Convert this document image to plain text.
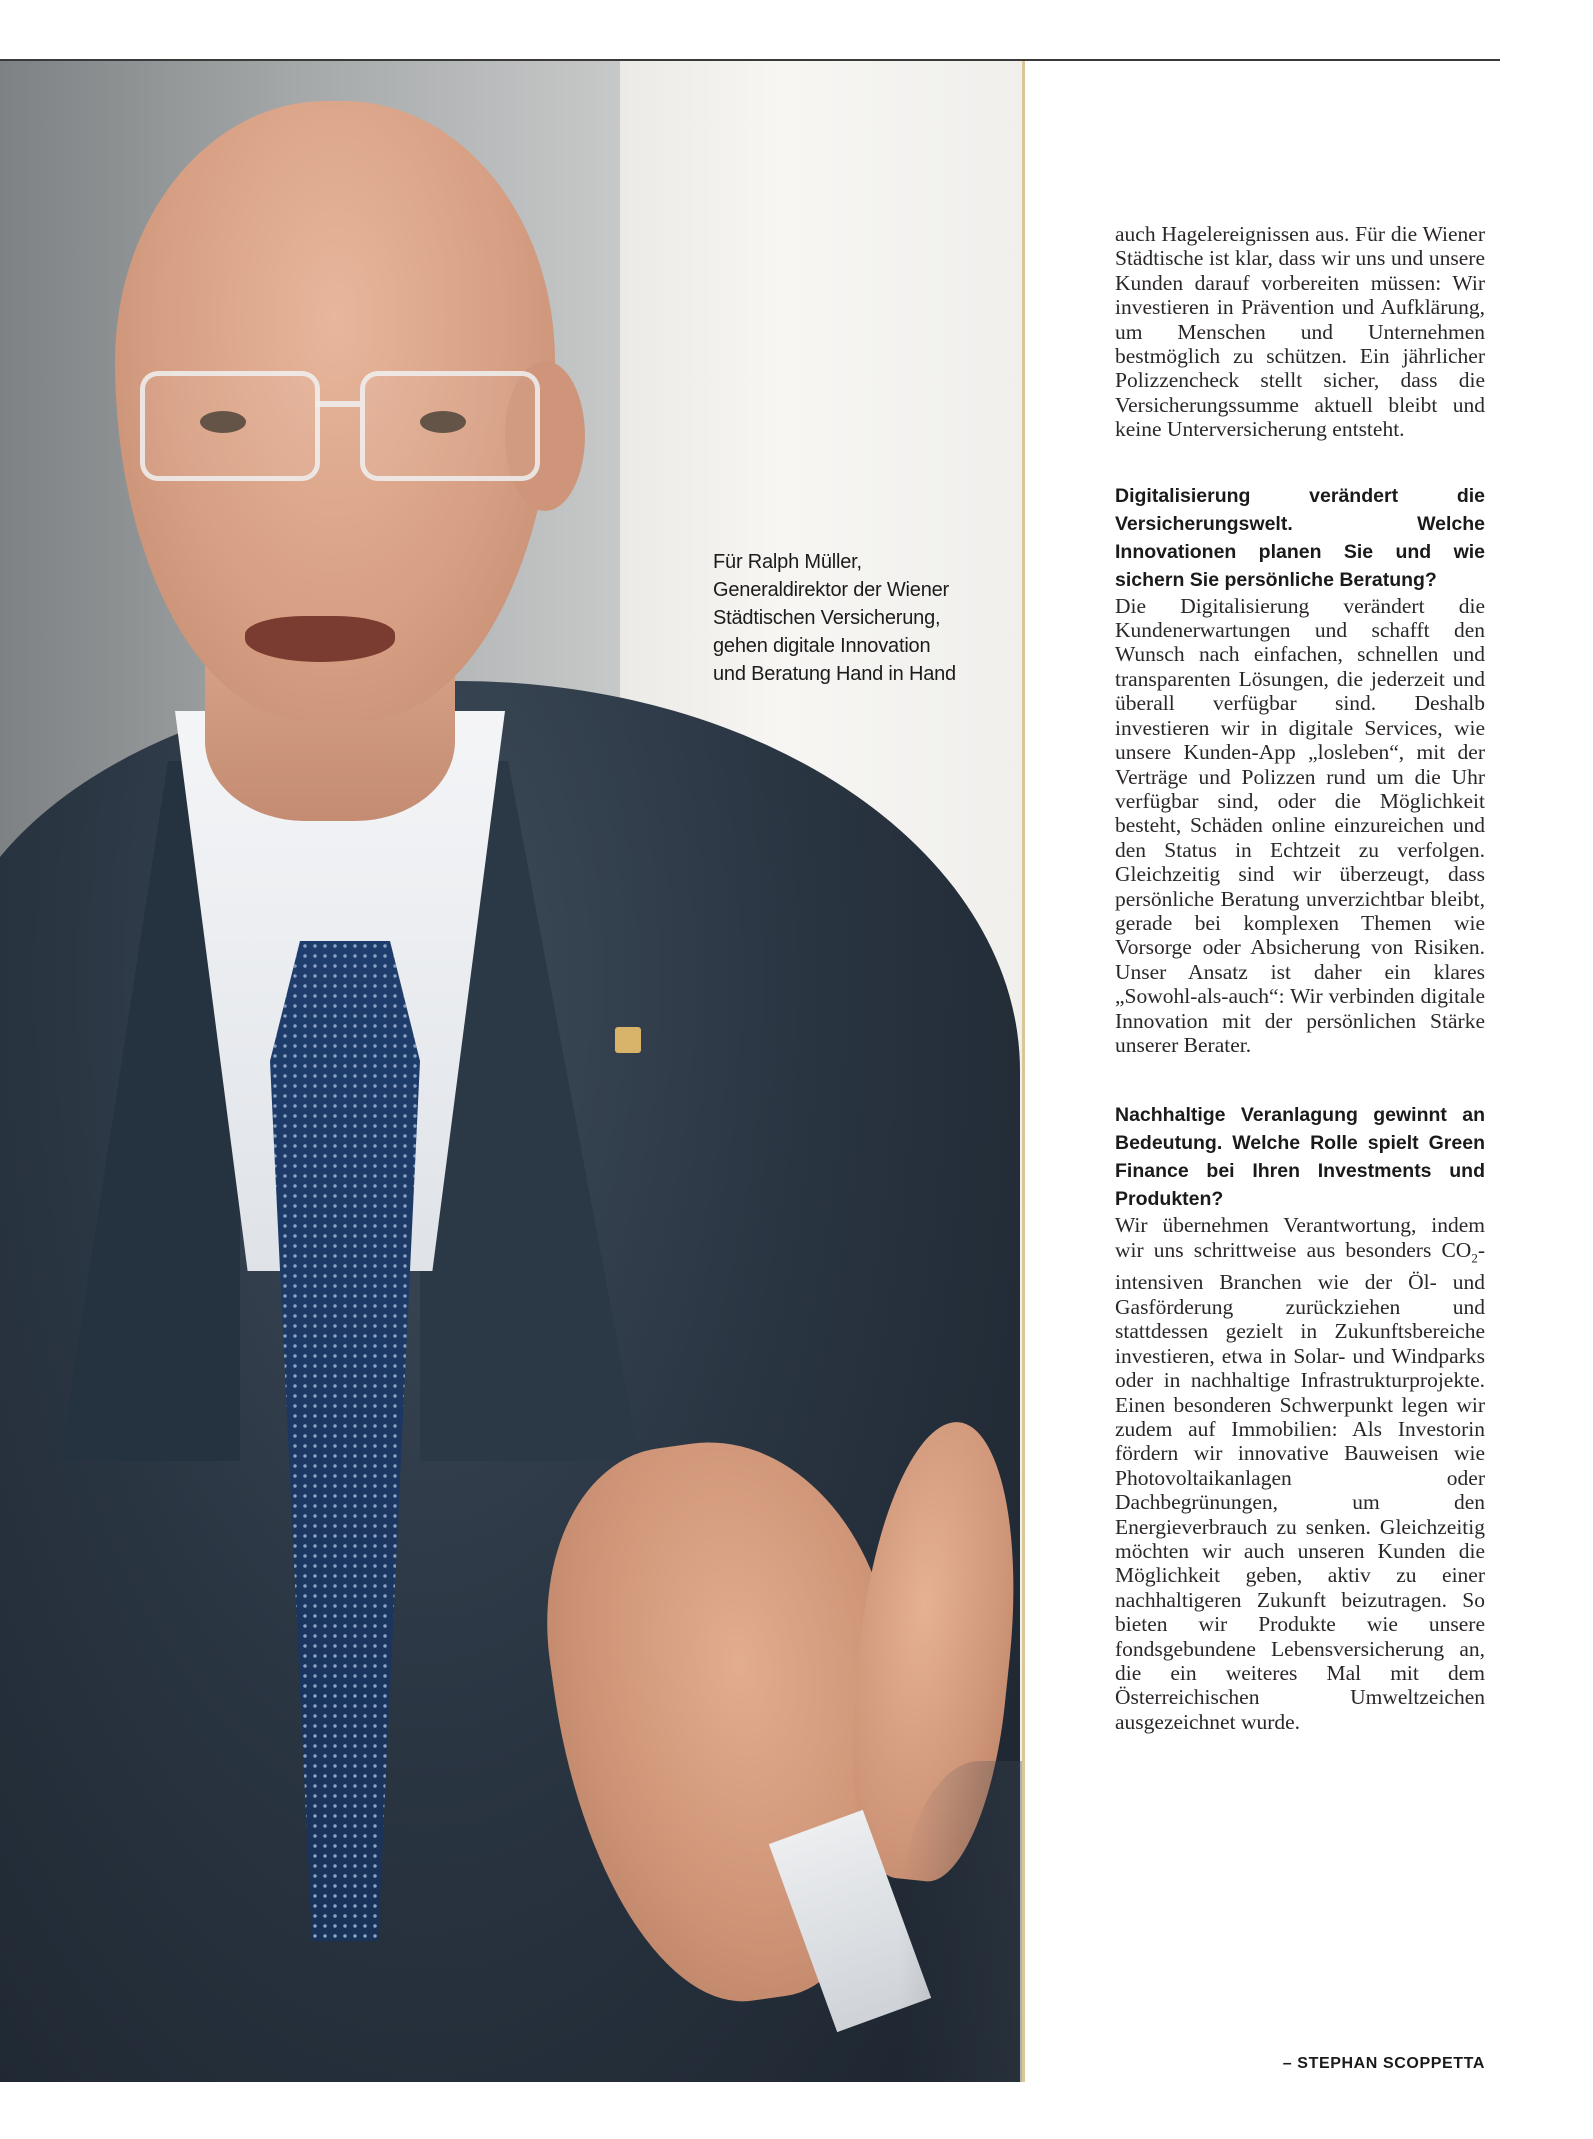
Für Ralph Müller,
Generaldirektor der Wiener
Städtischen Versicherung,
gehen digitale Innovation
und Beratung Hand in Hand

auch Hagelereignissen aus. Für die Wiener Städtische ist klar, dass wir uns und unsere Kunden darauf vorbereiten müssen: Wir investieren in Prävention und Aufklärung, um Menschen und Unternehmen bestmöglich zu schützen. Ein jährlicher Polizzencheck stellt sicher, dass die Versicherungssumme aktuell bleibt und keine Unterversicherung entsteht.

Digitalisierung verändert die Versicherungswelt. Welche Innovationen planen Sie und wie sichern Sie persönliche Beratung?

Die Digitalisierung verändert die Kundenerwartungen und schafft den Wunsch nach einfachen, schnellen und transparenten Lösungen, die jederzeit und überall verfügbar sind. Deshalb investieren wir in digitale Services, wie unsere Kunden-App „losleben“, mit der Verträge und Polizzen rund um die Uhr verfügbar sind, oder die Möglichkeit besteht, Schäden online einzureichen und den Status in Echtzeit zu verfolgen. Gleichzeitig sind wir überzeugt, dass persönliche Beratung unverzichtbar bleibt, gerade bei komplexen Themen wie Vorsorge oder Absicherung von Risiken. Unser Ansatz ist daher ein klares „Sowohl-als-auch“: Wir verbinden digitale Innovation mit der persönlichen Stärke unserer Berater.

Nachhaltige Veranlagung gewinnt an Bedeutung. Welche Rolle spielt Green Finance bei Ihren Investments und Produkten?

Wir übernehmen Verantwortung, indem wir uns schrittweise aus besonders $CO_2$-intensiven Branchen wie der Öl- und Gasförderung zurückziehen und stattdessen gezielt in Zukunftsbereiche investieren, etwa in Solar- und Windparks oder in nachhaltige Infrastrukturprojekte. Einen besonderen Schwerpunkt legen wir zudem auf Immobilien: Als Investorin fördern wir innovative Bauweisen wie Photovoltaikanlagen oder Dachbegrünungen, um den Energieverbrauch zu senken. Gleichzeitig möchten wir auch unseren Kunden die Möglichkeit geben, aktiv zu einer nachhaltigeren Zukunft beizutragen. So bieten wir Produkte wie unsere fondsgebundene Lebensversicherung an, die ein weiteres Mal mit dem Österreichischen Umweltzeichen ausgezeichnet wurde.

– STEPHAN SCOPPETTA
